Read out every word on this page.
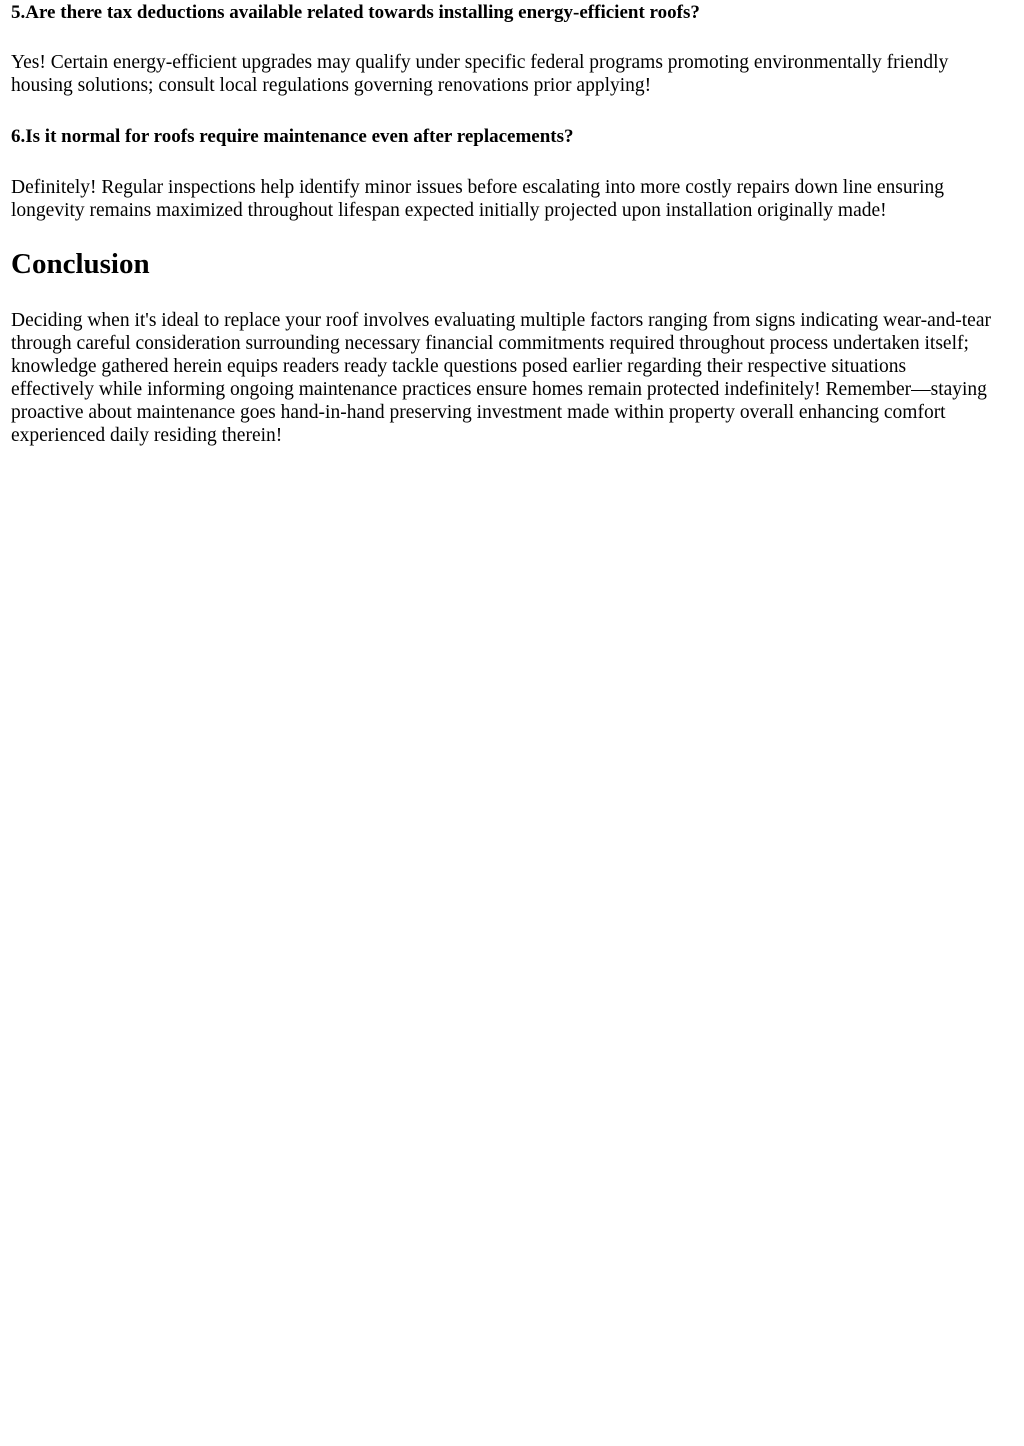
5.Are there tax deductions available related towards installing energy-efficient roofs?

Yes! Certain energy-efficient upgrades may qualify under specific federal programs promoting environmentally friendly housing solutions; consult local regulations governing renovations prior applying!

6.Is it normal for roofs require maintenance even after replacements?

Definitely! Regular inspections help identify minor issues before escalating into more costly repairs down line ensuring longevity remains maximized throughout lifespan expected initially projected upon installation originally made!

Conclusion

Deciding when it's ideal to replace your roof involves evaluating multiple factors ranging from signs indicating wear-and-tear through careful consideration surrounding necessary financial commitments required throughout process undertaken itself; knowledge gathered herein equips readers ready tackle questions posed earlier regarding their respective situations effectively while informing ongoing maintenance practices ensure homes remain protected indefinitely! Remember—staying proactive about maintenance goes hand-in-hand preserving investment made within property overall enhancing comfort experienced daily residing therein!
